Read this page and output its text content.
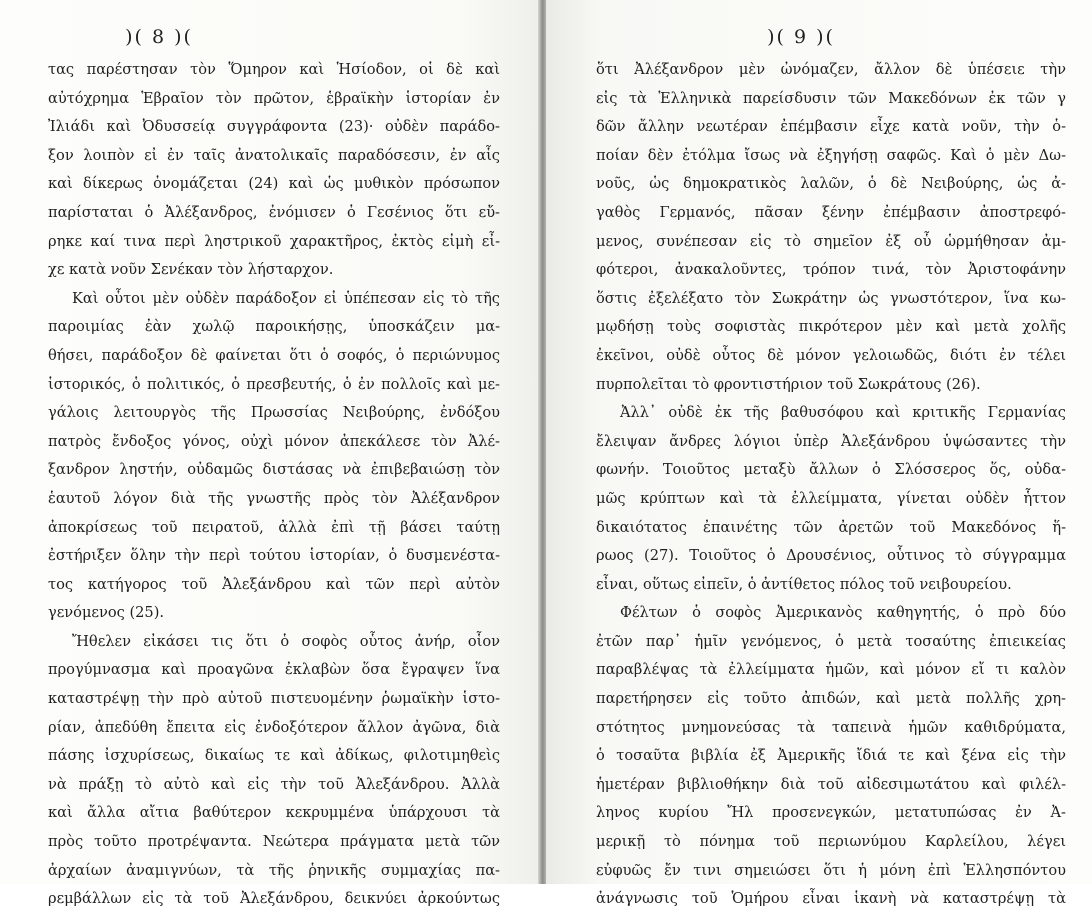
)( 8 )(
τας παρέστησαν τὸν Ὅμηρον καὶ Ἡσίοδον, οἱ δὲ καὶ
αὐτόχρημα Ἑβραῖον τὸν πρῶτον, ἑβραϊκὴν ἱστορίαν ἐν
Ἰλιάδι καὶ Ὀδυσσείᾳ συγγράφοντα (23)· οὐδὲν παράδο-
ξον λοιπὸν εἰ ἐν ταῖς ἀνατολικαῖς παραδόσεσιν, ἐν αἷς
καὶ δίκερως ὀνομάζεται (24) καὶ ὡς μυθικὸν πρόσωπον
παρίσταται ὁ Ἀλέξανδρος, ἐνόμισεν ὁ Γεσένιος ὅτι εὔ-
ρηκε καί τινα περὶ ληστρικοῦ χαρακτῆρος, ἐκτὸς εἰμὴ εἶ-
χε κατὰ νοῦν Σενέκαν τὸν λήσταρχον.
Καὶ οὗτοι μὲν οὐδὲν παράδοξον εἰ ὑπέπεσαν εἰς τὸ τῆς
παροιμίας ἐὰν χωλῷ παροικήσῃς, ὑποσκάζειν μα-
θήσει, παράδοξον δὲ φαίνεται ὅτι ὁ σοφός, ὁ περιώνυμος
ἱστορικός, ὁ πολιτικός, ὁ πρεσβευτής, ὁ ἐν πολλοῖς καὶ με-
γάλοις λειτουργὸς τῆς Πρωσσίας Νειβούρης, ἐνδόξου
πατρὸς ἔνδοξος γόνος, οὐχὶ μόνον ἀπεκάλεσε τὸν Ἀλέ-
ξανδρον ληστήν, οὐδαμῶς διστάσας νὰ ἐπιβεβαιώσῃ τὸν
ἑαυτοῦ λόγον διὰ τῆς γνωστῆς πρὸς τὸν Ἀλέξανδρον
ἀποκρίσεως τοῦ πειρατοῦ, ἀλλὰ ἐπὶ τῇ βάσει ταύτῃ
ἐστήριξεν ὅλην τὴν περὶ τούτου ἱστορίαν, ὁ δυσμενέστα-
τος κατήγορος τοῦ Ἀλεξάνδρου καὶ τῶν περὶ αὐτὸν
γενόμενος (25).
Ἤθελεν εἰκάσει τις ὅτι ὁ σοφὸς οὗτος ἀνήρ, οἷον
προγύμνασμα καὶ προαγῶνα ἐκλαβὼν ὅσα ἔγραψεν ἵνα
καταστρέψῃ τὴν πρὸ αὐτοῦ πιστευομένην ῥωμαϊκὴν ἱστο-
ρίαν, ἀπεδύθη ἔπειτα εἰς ἐνδοξότερον ἄλλον ἀγῶνα, διὰ
πάσης ἰσχυρίσεως, δικαίως τε καὶ ἀδίκως, φιλοτιμηθεὶς
νὰ πράξῃ τὸ αὐτὸ καὶ εἰς τὴν τοῦ Ἀλεξάνδρου. Ἀλλὰ
καὶ ἄλλα αἴτια βαθύτερον κεκρυμμένα ὑπάρχουσι τὰ
πρὸς τοῦτο προτρέψαντα. Νεώτερα πράγματα μετὰ τῶν
ἀρχαίων ἀναμιγνύων, τὰ τῆς ῥηνικῆς συμμαχίας πα-
ρεμβάλλων εἰς τὰ τοῦ Ἀλεξάνδρου, δεικνύει ἀρκούντως
)( 9 )(
ὅτι Ἀλέξανδρον μὲν ὠνόμαζεν, ἄλλον δὲ ὑπέσειε τὴν
εἰς τὰ Ἑλληνικὰ παρείσδυσιν τῶν Μακεδόνων ἐκ τῶν γ
δῶν ἄλλην νεωτέραν ἐπέμβασιν εἶχε κατὰ νοῦν, τὴν ὁ-
ποίαν δὲν ἐτόλμα ἴσως νὰ ἐξηγήσῃ σαφῶς. Καὶ ὁ μὲν Δω-
νοῦς, ὡς δημοκρατικὸς λαλῶν, ὁ δὲ Νειβούρης, ὡς ἀ-
γαθὸς Γερμανός, πᾶσαν ξένην ἐπέμβασιν ἀποστρεφό-
μενος, συνέπεσαν εἰς τὸ σημεῖον ἐξ οὗ ὡρμήθησαν ἀμ-
φότεροι, ἀνακαλοῦντες, τρόπον τινά, τὸν Ἀριστοφάνην
ὅστις ἐξελέξατο τὸν Σωκράτην ὡς γνωστότερον, ἵνα κω-
μῳδήσῃ τοὺς σοφιστὰς πικρότερον μὲν καὶ μετὰ χολῆς
ἐκεῖνοι, οὐδὲ οὗτος δὲ μόνον γελοιωδῶς, διότι ἐν τέλει
πυρπολεῖται τὸ φροντιστήριον τοῦ Σωκράτους (26).
Ἀλλ᾽ οὐδὲ ἐκ τῆς βαθυσόφου καὶ κριτικῆς Γερμανίας
ἔλειψαν ἄνδρες λόγιοι ὑπὲρ Ἀλεξάνδρου ὑψώσαντες τὴν
φωνήν. Τοιοῦτος μεταξὺ ἄλλων ὁ Σλόσσερος ὅς, οὐδα-
μῶς κρύπτων καὶ τὰ ἐλλείμματα, γίνεται οὐδὲν ἧττον
δικαιότατος ἐπαινέτης τῶν ἀρετῶν τοῦ Μακεδόνος ἥ-
ρωος (27). Τοιοῦτος ὁ Δρουσένιος, οὗτινος τὸ σύγγραμμα
εἶναι, οὕτως εἰπεῖν, ὁ ἀντίθετος πόλος τοῦ νειβουρείου.
Φέλτων ὁ σοφὸς Ἀμερικανὸς καθηγητής, ὁ πρὸ δύο
ἐτῶν παρ᾽ ἡμῖν γενόμενος, ὁ μετὰ τοσαύτης ἐπιεικείας
παραβλέψας τὰ ἐλλείμματα ἡμῶν, καὶ μόνον εἴ τι καλὸν
παρετήρησεν εἰς τοῦτο ἀπιδών, καὶ μετὰ πολλῆς χρη-
στότητος μνημονεύσας τὰ ταπεινὰ ἡμῶν καθιδρύματα,
ὁ τοσαῦτα βιβλία ἐξ Ἀμερικῆς ἴδιά τε καὶ ξένα εἰς τὴν
ἡμετέραν βιβλιοθήκην διὰ τοῦ αἰδεσιμωτάτου καὶ φιλέλ-
ληνος κυρίου Ἤλ προσενεγκών, μετατυπώσας ἐν Ἀ-
μερικῇ τὸ πόνημα τοῦ περιωνύμου Καρλείλου, λέγει
εὐφυῶς ἔν τινι σημειώσει ὅτι ἡ μόνη ἐπὶ Ἑλλησπόντου
ἀνάγνωσις τοῦ Ὁμήρου εἶναι ἱκανὴ νὰ καταστρέψῃ τὰ
